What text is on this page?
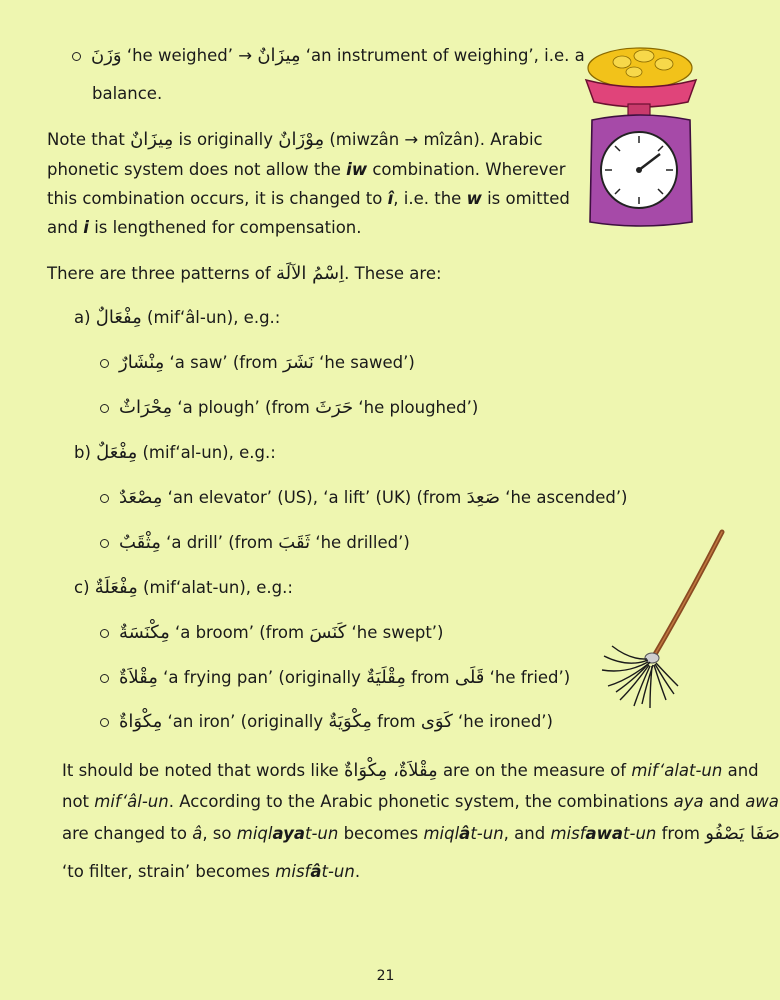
وَزَنَ ‘he weighed’ → مِيزَانٌ ‘an instrument of weighing’, i.e. a
balance.
Note that مِيزَانٌ is originally مِوْزَانٌ (miwzân → mîzân). Arabic
phonetic system does not allow the iw combination. Wherever
this combination occurs, it is changed to î, i.e. the w is omitted
and i is lengthened for compensation.
There are three patterns of اِسْمُ الآلَة. These are:
a) مِفْعَالٌ (mif‘âl-un), e.g.:
مِنْشَارٌ ‘a saw’ (from نَشَرَ ‘he sawed’)
مِحْرَاثٌ ‘a plough’ (from حَرَثَ ‘he ploughed’)
b) مِفْعَلٌ (mif‘al-un), e.g.:
مِصْعَدٌ ‘an elevator’ (US), ‘a lift’ (UK) (from صَعِدَ ‘he ascended’)
مِثْقَبٌ ‘a drill’ (from ثَقَبَ ‘he drilled’)
c) مِفْعَلَةٌ (mif‘alat-un), e.g.:
مِكْنَسَةٌ ‘a broom’ (from كَنَسَ ‘he swept’)
مِقْلاَةٌ ‘a frying pan’ (originally مِقْلَيَةٌ from قَلَى ‘he fried’)
مِكْوَاةٌ ‘an iron’ (originally مِكْوَيَةٌ from كَوَى ‘he ironed’)
It should be noted that words like مِقْلاَةٌ، مِكْوَاةٌ are on the measure of mif‘alat-un and
not mif‘âl-un. According to the Arabic phonetic system, the combinations aya and awa
are changed to â, so miqlayat-un becomes miqlât-un, and misfawat-un from صَفَا يَصْفُو
‘to filter, strain’ becomes misfât-un.
21
